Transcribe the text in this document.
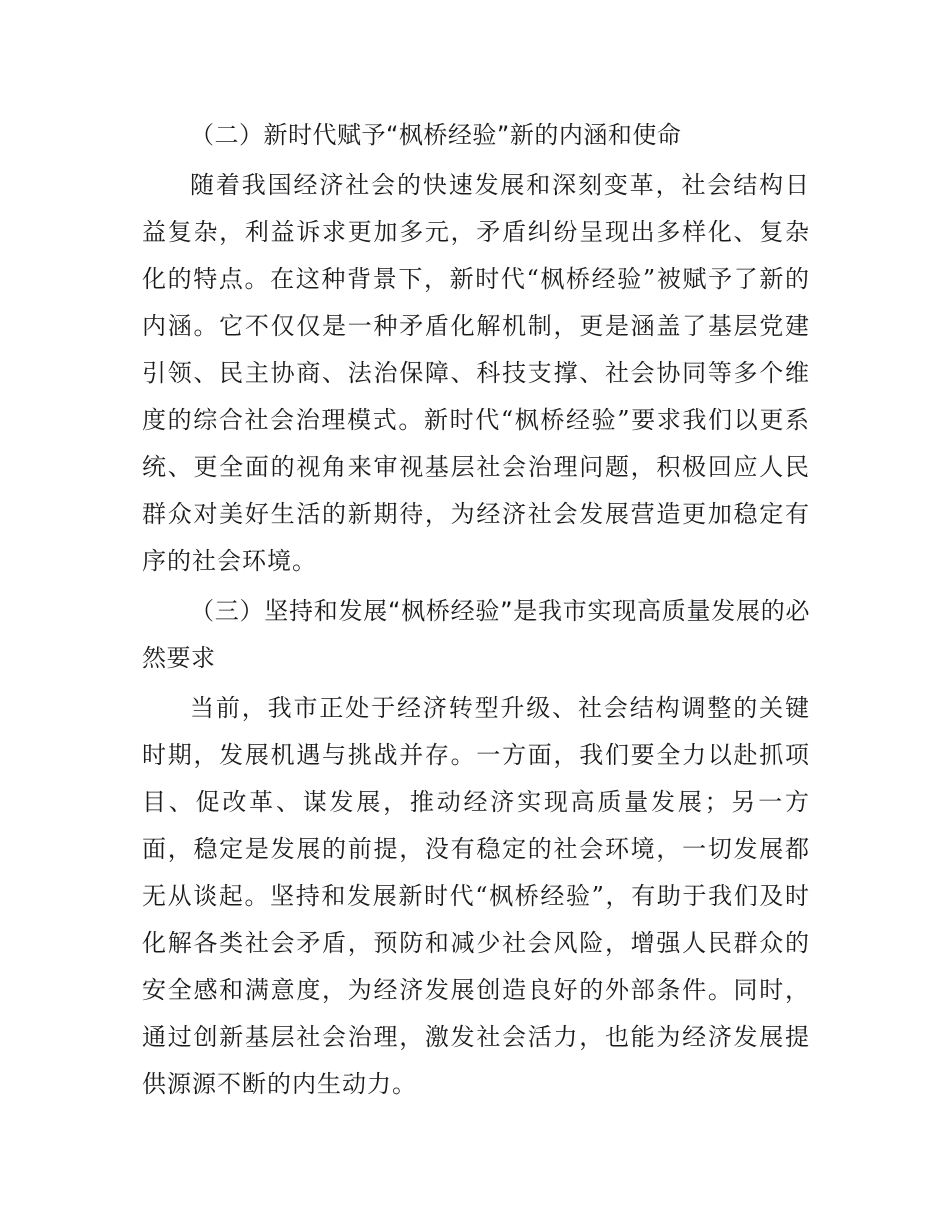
（二）新时代赋予“枫桥经验”新的内涵和使命

随着我国经济社会的快速发展和深刻变革，社会结构日益复杂，利益诉求更加多元，矛盾纠纷呈现出多样化、复杂化的特点。在这种背景下，新时代“枫桥经验”被赋予了新的内涵。它不仅仅是一种矛盾化解机制，更是涵盖了基层党建引领、民主协商、法治保障、科技支撑、社会协同等多个维度的综合社会治理模式。新时代“枫桥经验”要求我们以更系统、更全面的视角来审视基层社会治理问题，积极回应人民群众对美好生活的新期待，为经济社会发展营造更加稳定有序的社会环境。

（三）坚持和发展“枫桥经验”是我市实现高质量发展的必然要求

当前，我市正处于经济转型升级、社会结构调整的关键时期，发展机遇与挑战并存。一方面，我们要全力以赴抓项目、促改革、谋发展，推动经济实现高质量发展；另一方面，稳定是发展的前提，没有稳定的社会环境，一切发展都无从谈起。坚持和发展新时代“枫桥经验”，有助于我们及时化解各类社会矛盾，预防和减少社会风险，增强人民群众的安全感和满意度，为经济发展创造良好的外部条件。同时，通过创新基层社会治理，激发社会活力，也能为经济发展提供源源不断的内生动力。
